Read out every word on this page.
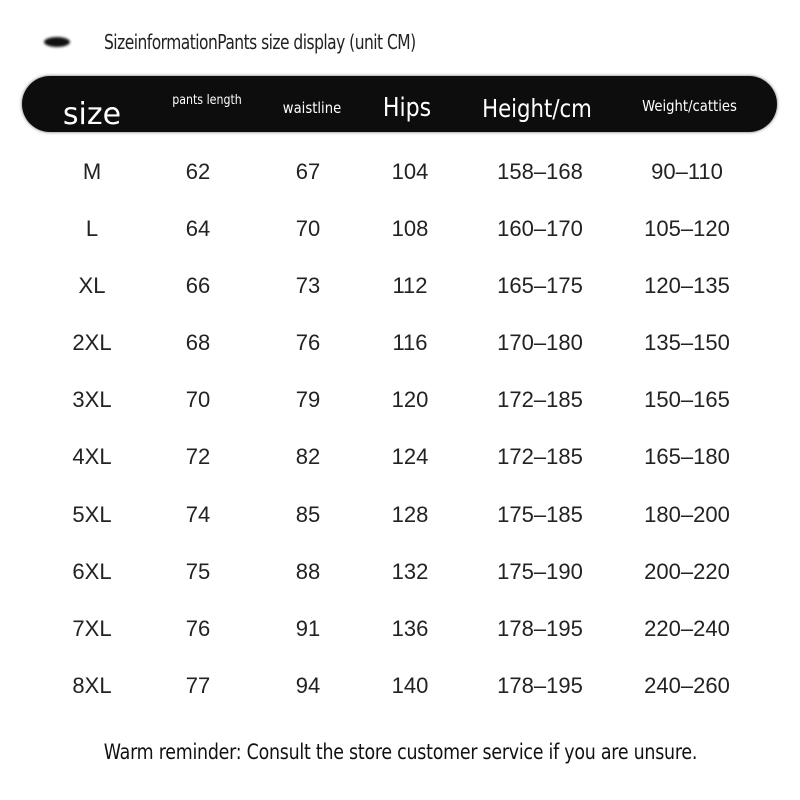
SizeinformationPants size display (unit CM)
size	pants length	waistline	Hips	Height/cm	Weight/catties
M	62	67	104	158–168	90–110
L	64	70	108	160–170	105–120
XL	66	73	112	165–175	120–135
2XL	68	76	116	170–180	135–150
3XL	70	79	120	172–185	150–165
4XL	72	82	124	172–185	165–180
5XL	74	85	128	175–185	180–200
6XL	75	88	132	175–190	200–220
7XL	76	91	136	178–195	220–240
8XL	77	94	140	178–195	240–260
Warm reminder: Consult the store customer service if you are unsure.
